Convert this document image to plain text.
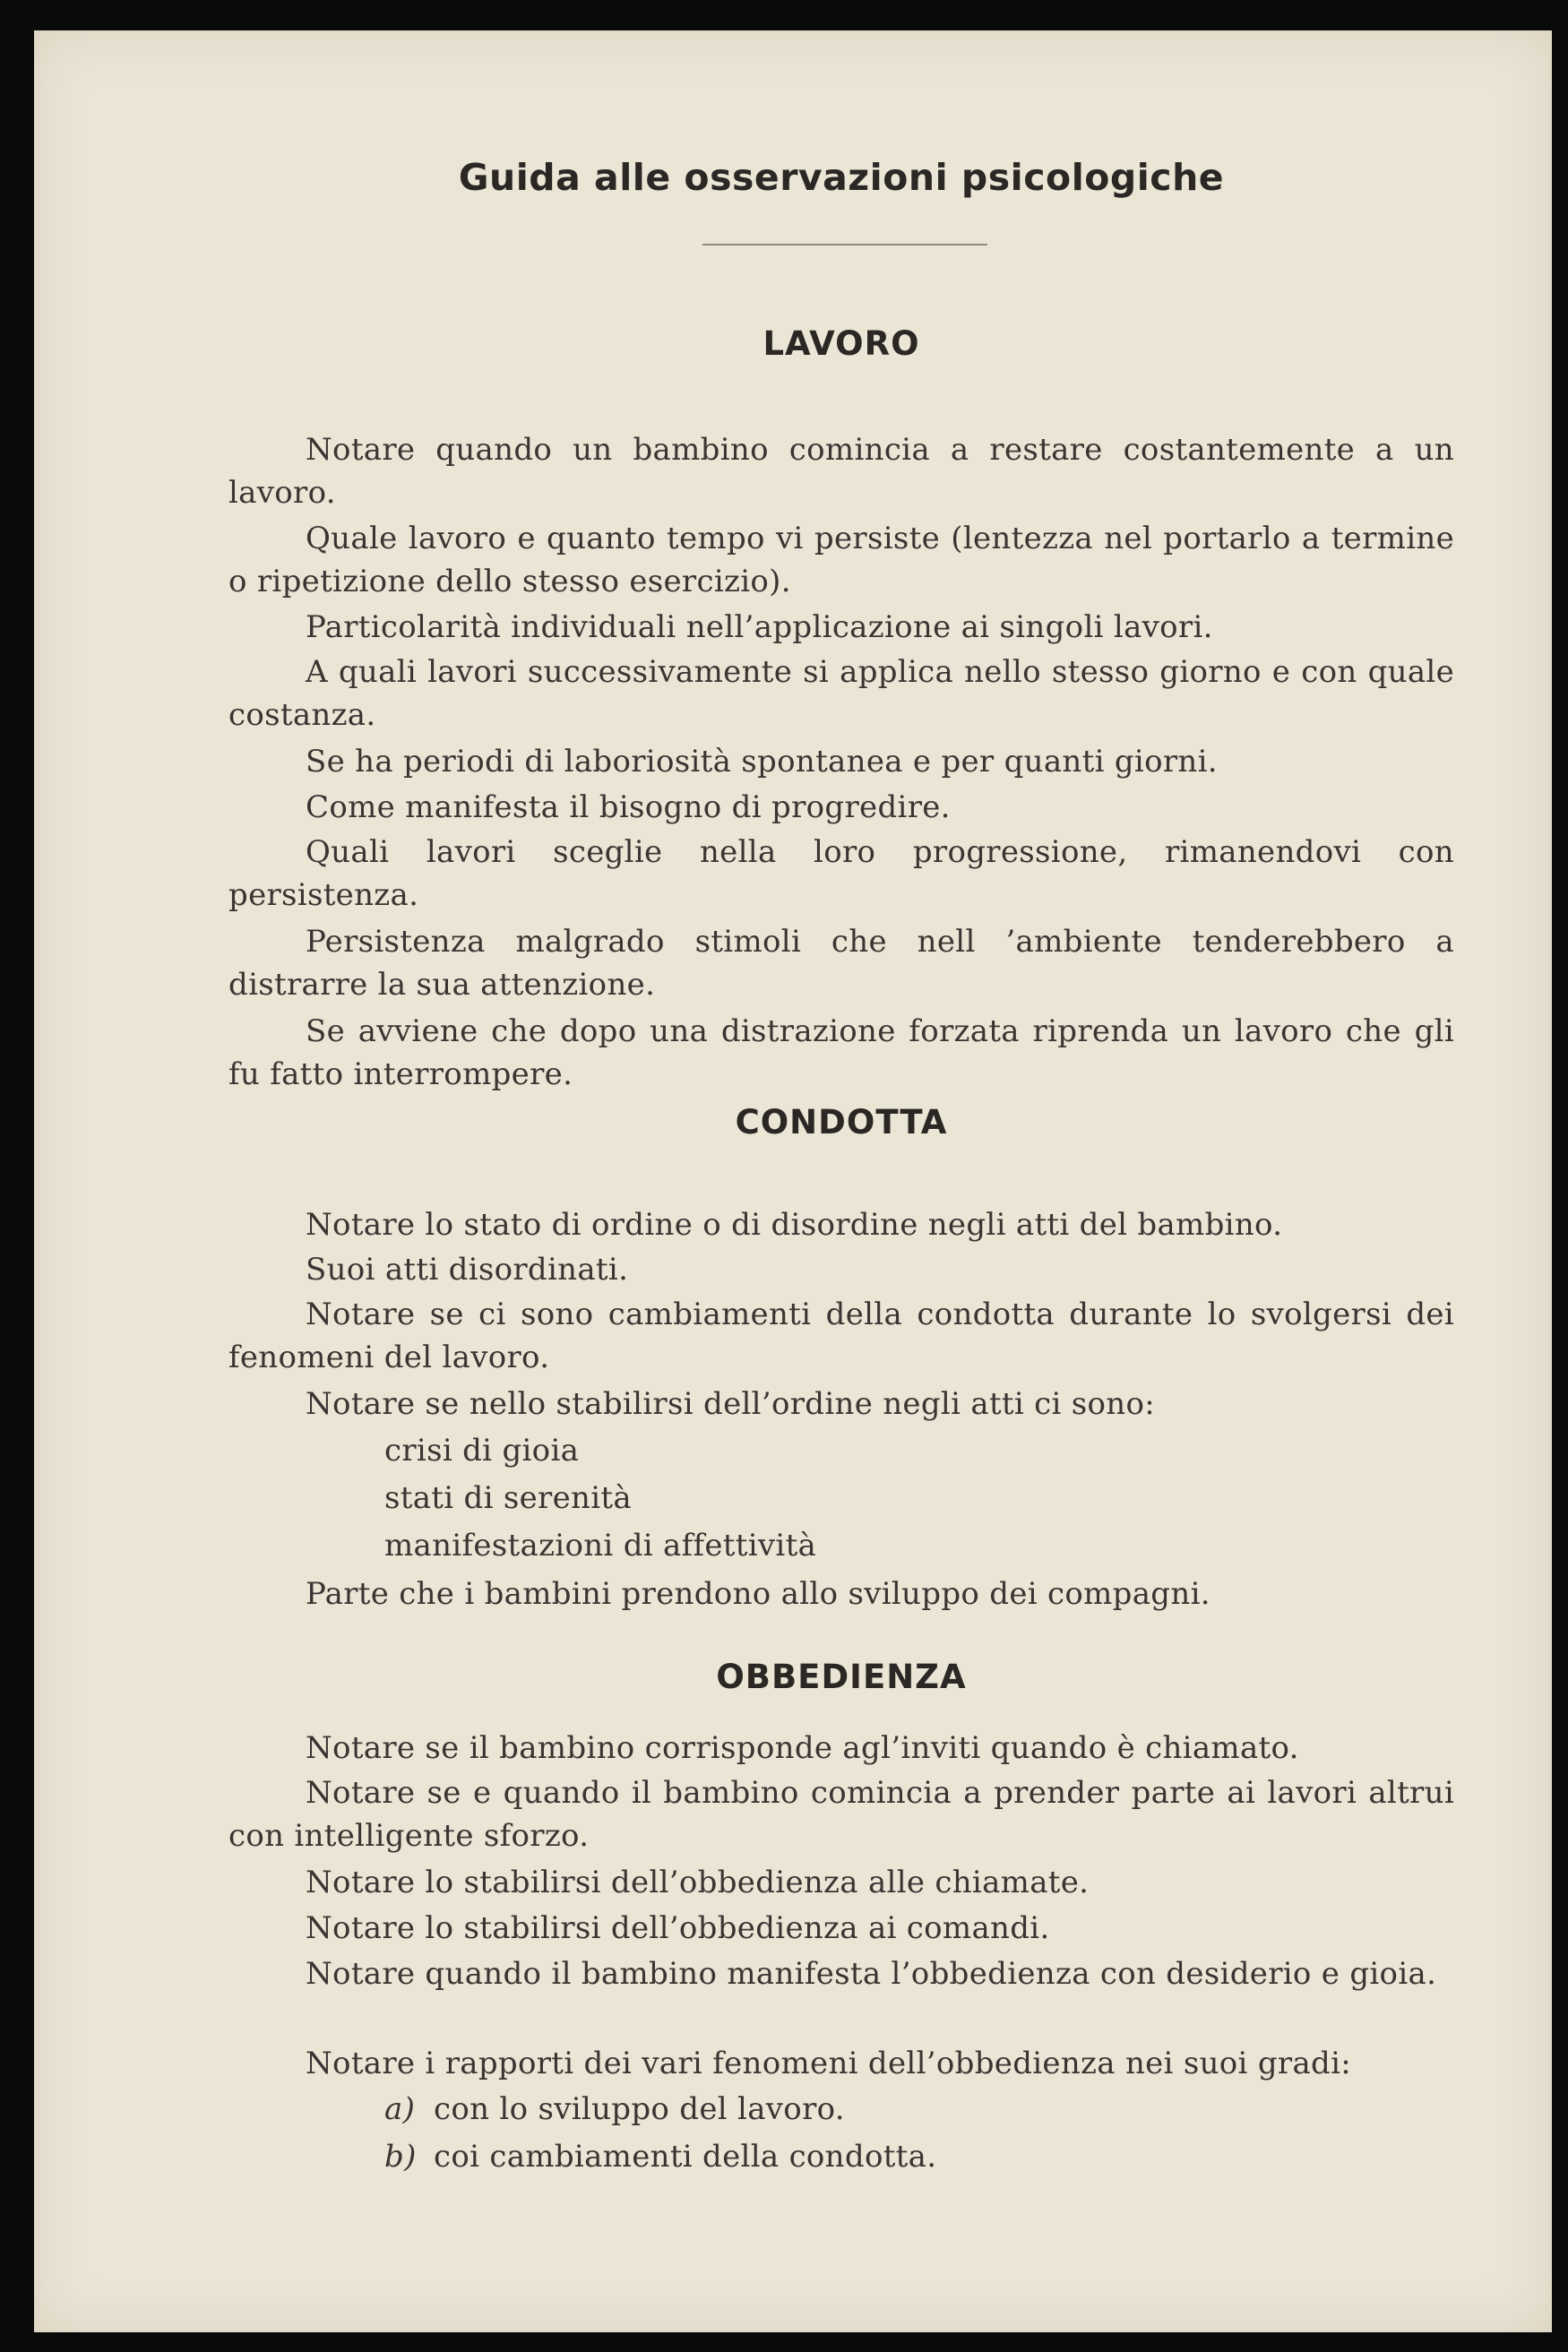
Guida alle osservazioni psicologiche
LAVORO

Notare quando un bambino comincia a restare costantemente a un lavoro.

Quale lavoro e quanto tempo vi persiste (lentezza nel portarlo a termine o ripetizione dello stesso esercizio).

Particolarità individuali nell’applicazione ai singoli lavori.

A quali lavori successivamente si applica nello stesso giorno e con quale costanza.

Se ha periodi di laboriosità spontanea e per quanti giorni.

Come manifesta il bisogno di progredire.

Quali lavori sceglie nella loro progressione, rimanendovi con persistenza.

Persistenza malgrado stimoli che nell ’ambiente tenderebbero a distrarre la sua attenzione.

Se avviene che dopo una distrazione forzata riprenda un lavoro che gli fu fatto interrompere.

CONDOTTA

Notare lo stato di ordine o di disordine negli atti del bambino.

Suoi atti disordinati.

Notare se ci sono cambiamenti della condotta durante lo svolgersi dei fenomeni del lavoro.

Notare se nello stabilirsi dell’ordine negli atti ci sono:

crisi di gioia
stati di serenità
manifestazioni di affettività

Parte che i bambini prendono allo sviluppo dei compagni.

OBBEDIENZA

Notare se il bambino corrisponde agl’inviti quando è chiamato.

Notare se e quando il bambino comincia a prender parte ai lavori altrui con intelligente sforzo.

Notare lo stabilirsi dell’obbedienza alle chiamate.

Notare lo stabilirsi dell’obbedienza ai comandi.

Notare quando il bambino manifesta l’obbedienza con desiderio e gioia.

Notare i rapporti dei vari fenomeni dell’obbedienza nei suoi gradi:

a) con lo sviluppo del lavoro.
b) coi cambiamenti della condotta.
